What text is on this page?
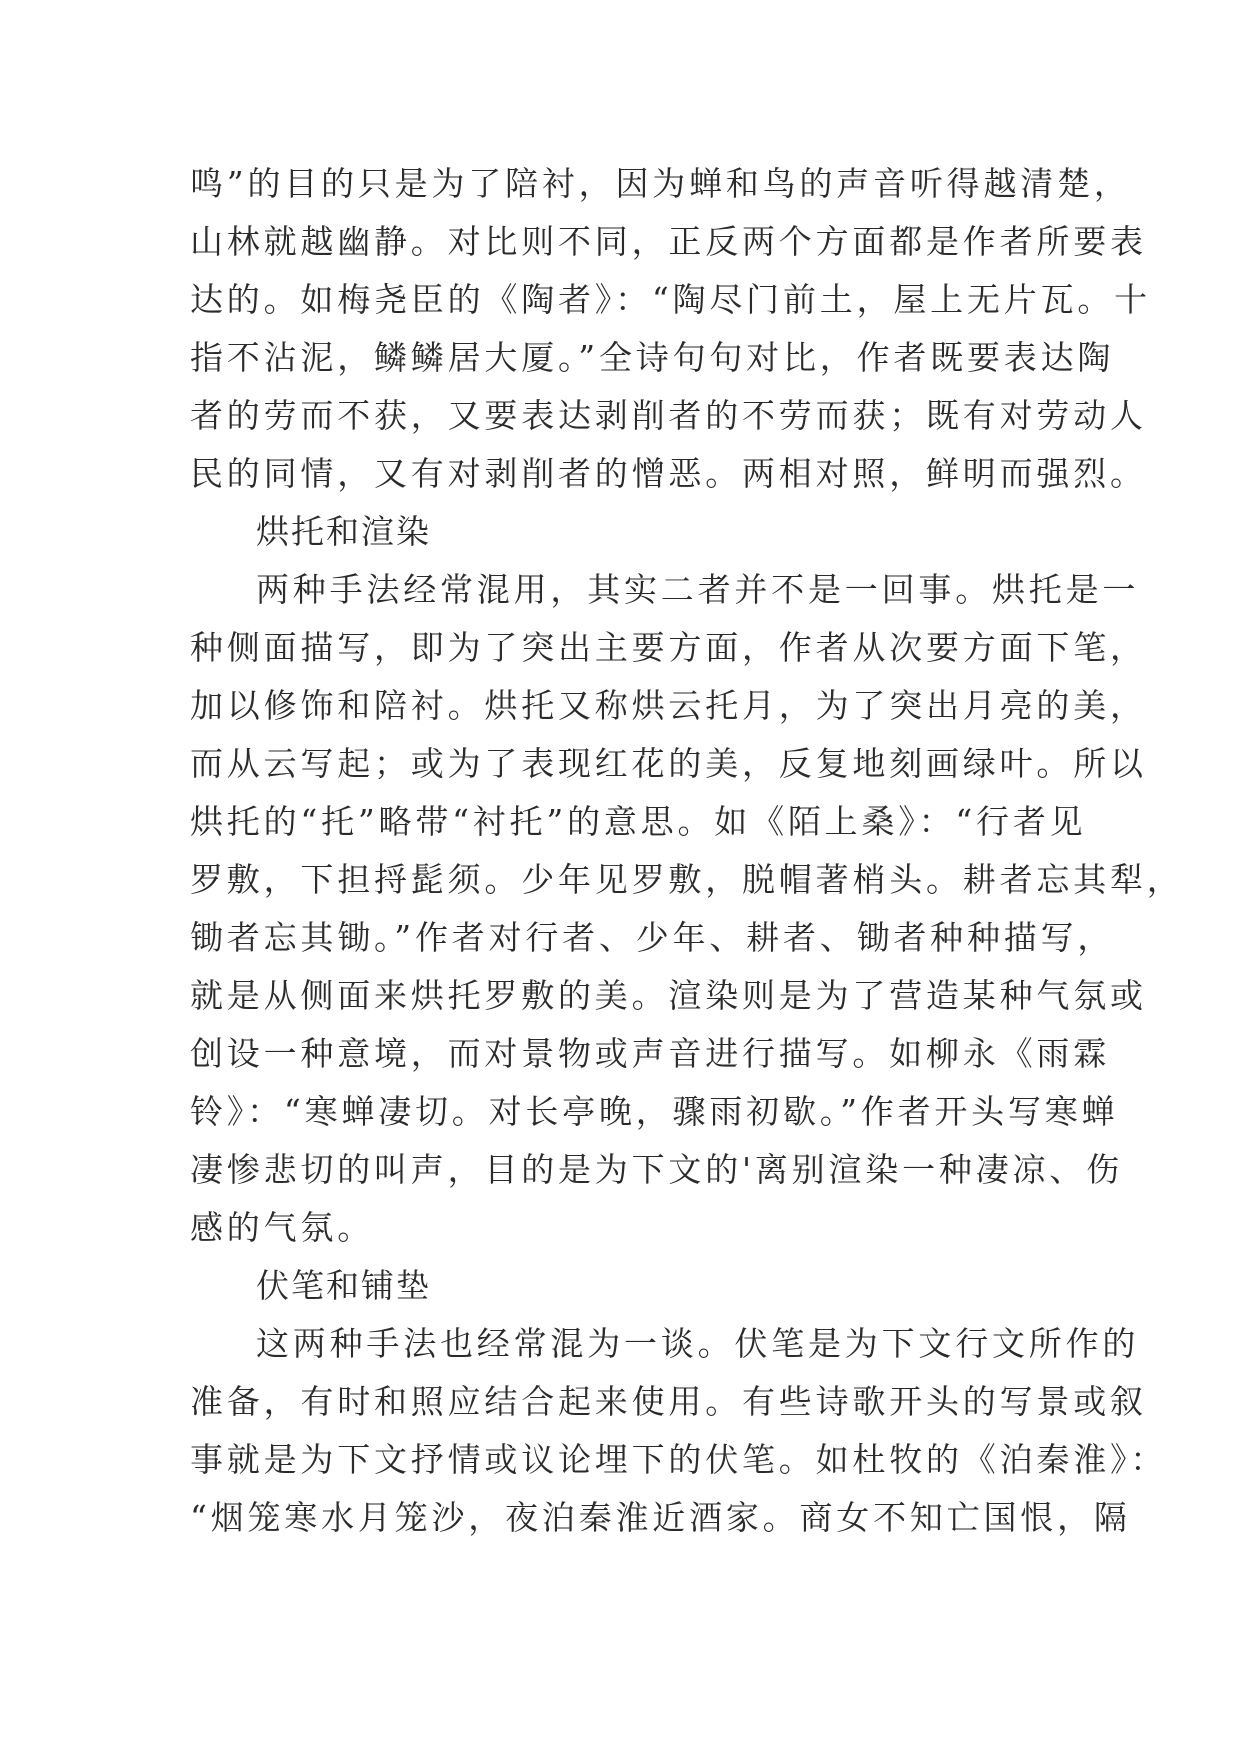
鸣”的目的只是为了陪衬，因为蝉和鸟的声音听得越清楚，
山林就越幽静。对比则不同，正反两个方面都是作者所要表
达的。如梅尧臣的《陶者》：“陶尽门前土，屋上无片瓦。十
指不沾泥，鳞鳞居大厦。”全诗句句对比，作者既要表达陶
者的劳而不获，又要表达剥削者的不劳而获；既有对劳动人
民的同情，又有对剥削者的憎恶。两相对照，鲜明而强烈。
烘托和渲染
两种手法经常混用，其实二者并不是一回事。烘托是一
种侧面描写，即为了突出主要方面，作者从次要方面下笔，
加以修饰和陪衬。烘托又称烘云托月，为了突出月亮的美，
而从云写起；或为了表现红花的美，反复地刻画绿叶。所以
烘托的“托”略带“衬托”的意思。如《陌上桑》：“行者见
罗敷，下担捋髭须。少年见罗敷，脱帽著梢头。耕者忘其犁，
锄者忘其锄。”作者对行者、少年、耕者、锄者种种描写，
就是从侧面来烘托罗敷的美。渲染则是为了营造某种气氛或
创设一种意境，而对景物或声音进行描写。如柳永《雨霖
铃》：“寒蝉凄切。对长亭晚，骤雨初歇。”作者开头写寒蝉
凄惨悲切的叫声，目的是为下文的'离别渲染一种凄凉、伤
感的气氛。
伏笔和铺垫
这两种手法也经常混为一谈。伏笔是为下文行文所作的
准备，有时和照应结合起来使用。有些诗歌开头的写景或叙
事就是为下文抒情或议论埋下的伏笔。如杜牧的《泊秦淮》：
“烟笼寒水月笼沙，夜泊秦淮近酒家。商女不知亡国恨，隔
